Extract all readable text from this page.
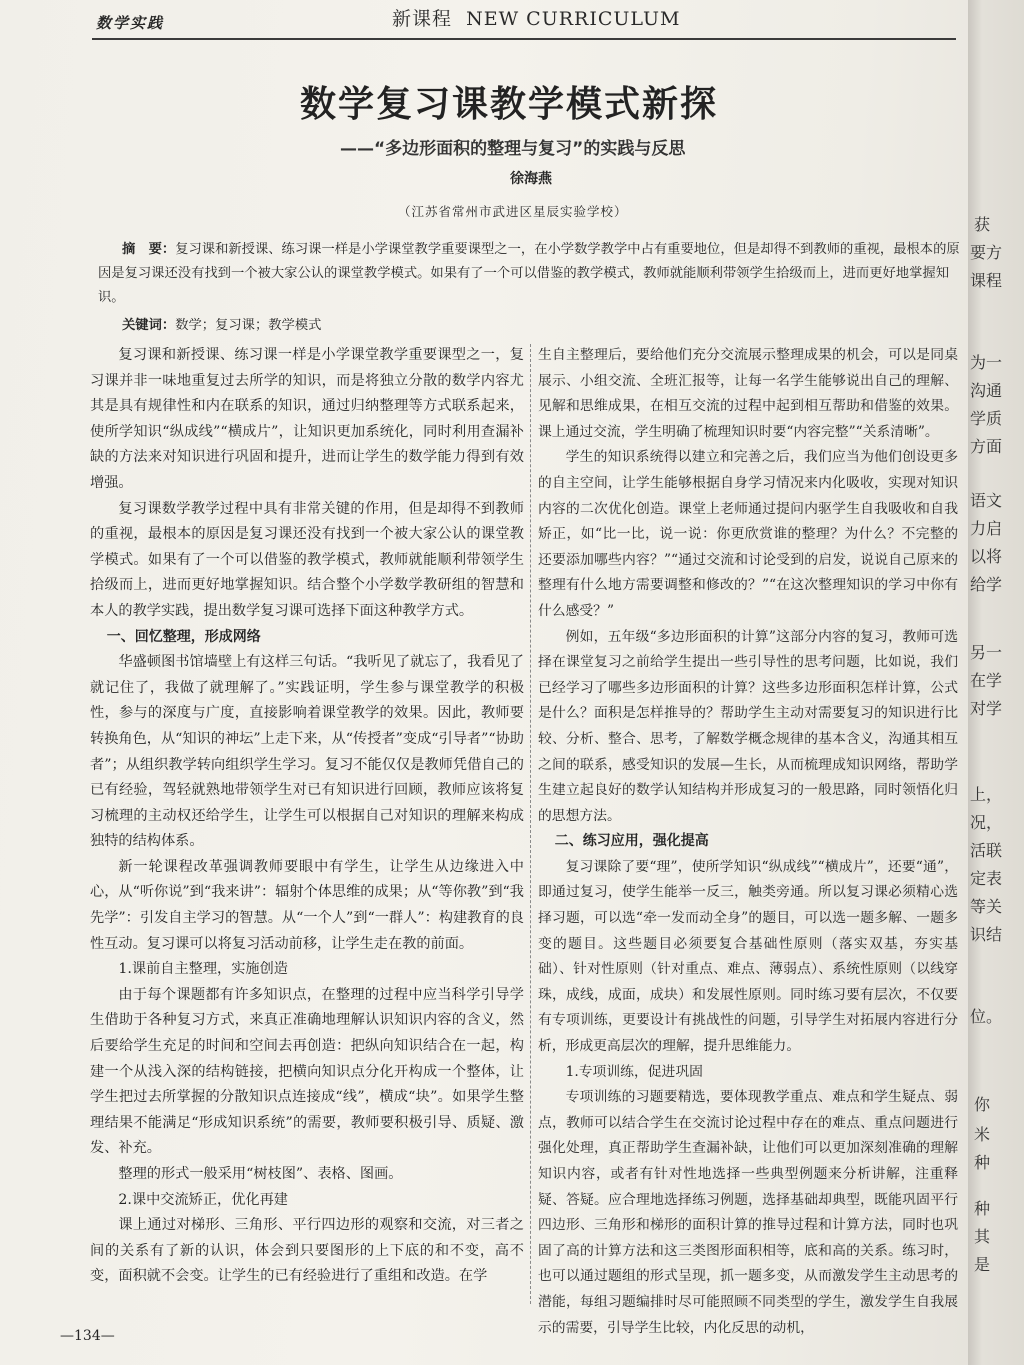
数学实践	新课程 NEW CURRICULUM
数学复习课教学模式新探
——“多边形面积的整理与复习”的实践与反思
徐海燕
（江苏省常州市武进区星辰实验学校）

摘　要：复习课和新授课、练习课一样是小学课堂教学重要课型之一，在小学数学教学中占有重要地位，但是却得不到教师的重视，最根本的原因是复习课还没有找到一个被大家公认的课堂教学模式。如果有了一个可以借鉴的教学模式，教师就能顺利带领学生拾级而上，进而更好地掌握知识。

关键词：数学；复习课；教学模式

复习课和新授课、练习课一样是小学课堂教学重要课型之一，复习课并非一味地重复过去所学的知识，而是将独立分散的数学内容尤其是具有规律性和内在联系的知识，通过归纳整理等方式联系起来，使所学知识“纵成线”“横成片”，让知识更加系统化，同时利用查漏补缺的方法来对知识进行巩固和提升，进而让学生的数学能力得到有效增强。

复习课数学教学过程中具有非常关键的作用，但是却得不到教师的重视，最根本的原因是复习课还没有找到一个被大家公认的课堂教学模式。如果有了一个可以借鉴的教学模式，教师就能顺利带领学生拾级而上，进而更好地掌握知识。结合整个小学数学教研组的智慧和本人的教学实践，提出数学复习课可选择下面这种教学方式。

一、回忆整理，形成网络

华盛顿图书馆墙壁上有这样三句话。“我听见了就忘了，我看见了就记住了，我做了就理解了。”实践证明，学生参与课堂教学的积极性，参与的深度与广度，直接影响着课堂教学的效果。因此，教师要转换角色，从“知识的神坛”上走下来，从“传授者”变成“引导者”“协助者”；从组织教学转向组织学生学习。复习不能仅仅是教师凭借自己的已有经验，驾轻就熟地带领学生对已有知识进行回顾，教师应该将复习梳理的主动权还给学生，让学生可以根据自己对知识的理解来构成独特的结构体系。

新一轮课程改革强调教师要眼中有学生，让学生从边缘进入中心，从“听你说”到“我来讲”：辐射个体思维的成果；从“等你教”到“我先学”：引发自主学习的智慧。从“一个人”到“一群人”：构建教育的良性互动。复习课可以将复习活动前移，让学生走在教的前面。

1.课前自主整理，实施创造

由于每个课题都有许多知识点，在整理的过程中应当科学引导学生借助于各种复习方式，来真正准确地理解认识知识内容的含义，然后要给学生充足的时间和空间去再创造：把纵向知识结合在一起，构建一个从浅入深的结构链接，把横向知识点分化开构成一个整体，让学生把过去所掌握的分散知识点连接成“线”，横成“块”。如果学生整理结果不能满足“形成知识系统”的需要，教师要积极引导、质疑、激发、补充。

整理的形式一般采用“树枝图”、表格、图画。

2.课中交流矫正，优化再建

课上通过对梯形、三角形、平行四边形的观察和交流，对三者之间的关系有了新的认识，体会到只要图形的上下底的和不变，高不变，面积就不会变。让学生的已有经验进行了重组和改造。在学

生自主整理后，要给他们充分交流展示整理成果的机会，可以是同桌展示、小组交流、全班汇报等，让每一名学生能够说出自己的理解、见解和思维成果，在相互交流的过程中起到相互帮助和借鉴的效果。课上通过交流，学生明确了梳理知识时要“内容完整”“关系清晰”。

学生的知识系统得以建立和完善之后，我们应当为他们创设更多的自主空间，让学生能够根据自身学习情况来内化吸收，实现对知识内容的二次优化创造。课堂上老师通过提问内驱学生自我吸收和自我矫正，如“比一比，说一说：你更欣赏谁的整理？为什么？不完整的还要添加哪些内容？”“通过交流和讨论受到的启发，说说自己原来的整理有什么地方需要调整和修改的？”“在这次整理知识的学习中你有什么感受？”

例如，五年级“多边形面积的计算”这部分内容的复习，教师可选择在课堂复习之前给学生提出一些引导性的思考问题，比如说，我们已经学习了哪些多边形面积的计算？这些多边形面积怎样计算，公式是什么？面积是怎样推导的？帮助学生主动对需要复习的知识进行比较、分析、整合、思考，了解数学概念规律的基本含义，沟通其相互之间的联系，感受知识的发展—生长，从而梳理成知识网络，帮助学生建立起良好的数学认知结构并形成复习的一般思路，同时领悟化归的思想方法。

二、练习应用，强化提高

复习课除了要“理”，使所学知识“纵成线”“横成片”，还要“通”，即通过复习，使学生能举一反三，触类旁通。所以复习课必须精心选择习题，可以选“牵一发而动全身”的题目，可以选一题多解、一题多变的题目。这些题目必须要复合基础性原则（落实双基，夯实基础）、针对性原则（针对重点、难点、薄弱点）、系统性原则（以线穿珠，成线，成面，成块）和发展性原则。同时练习要有层次，不仅要有专项训练，更要设计有挑战性的问题，引导学生对拓展内容进行分析，形成更高层次的理解，提升思维能力。

1.专项训练，促进巩固

专项训练的习题要精选，要体现教学重点、难点和学生疑点、弱点，教师可以结合学生在交流讨论过程中存在的难点、重点问题进行强化处理，真正帮助学生查漏补缺，让他们可以更加深刻准确的理解知识内容，或者有针对性地选择一些典型例题来分析讲解，注重释疑、答疑。应合理地选择练习例题，选择基础却典型，既能巩固平行四边形、三角形和梯形的面积计算的推导过程和计算方法，同时也巩固了高的计算方法和这三类图形面积相等，底和高的关系。练习时，也可以通过题组的形式呈现，抓一题多变，从而激发学生主动思考的潜能，每组习题编排时尽可能照顾不同类型的学生，激发学生自我展示的需要，引导学生比较，内化反思的动机，

—134—
获
要方
课程
为一
沟通
学质
方面
语文
力启
以将
给学
另一
在学
对学
上，
况，
活联
定表
等关
识结
位。
你
米
种
种
其
是
